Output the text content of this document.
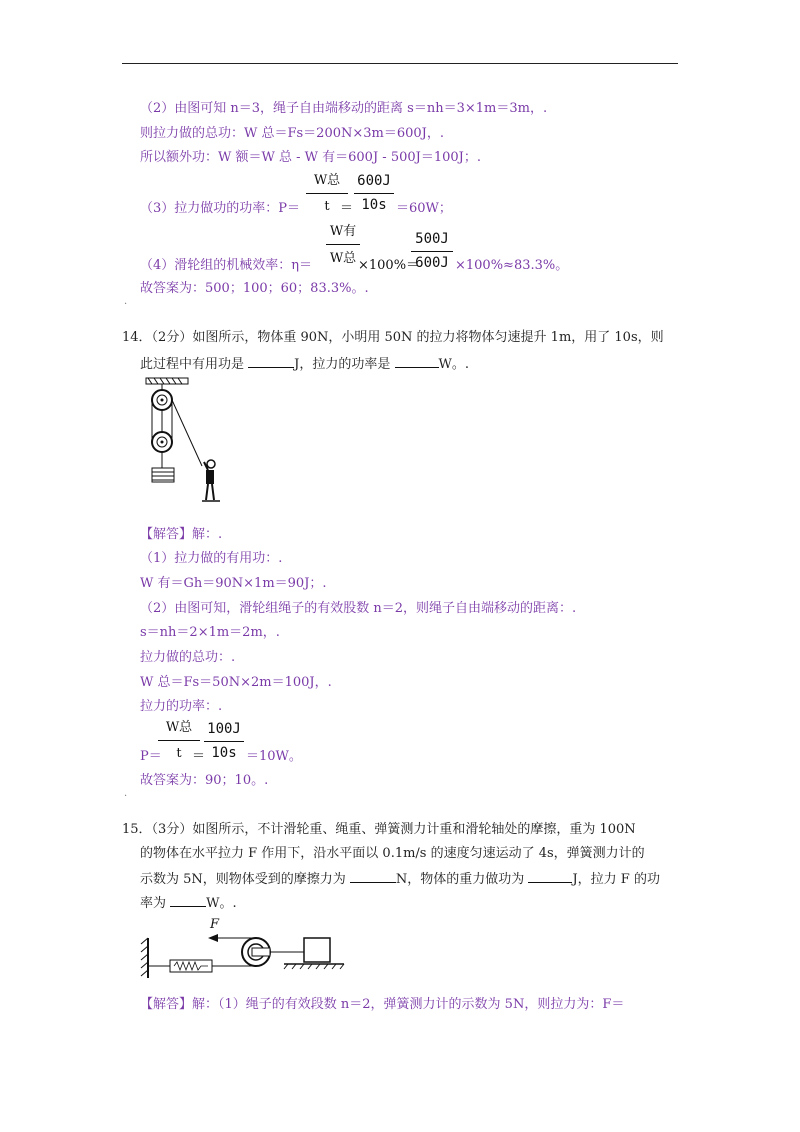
（2）由图可知 n＝3，绳子自由端移动的距离 s＝nh＝3×1m＝3m，.
则拉力做的总功：W 总＝Fs＝200N×3m＝600J，.
所以额外功：W 额＝W 总 - W 有＝600J - 500J＝100J；.
（3）拉力做功的功率：P＝
W总
t ＝
600J
10s ＝60W；
（4）滑轮组的机械效率：η＝
W有
W总 ×100%＝
500J
600J ×100%≈83.3%。
故答案为：500；100；60；83.3%。.
.
14．（2分）如图所示，物体重 90N，小明用 50N 的拉力将物体匀速提升 1m，用了 10s，则
此过程中有用功是	J，拉力的功率是	W。.
【解答】解：.
（1）拉力做的有用功：.
W 有＝Gh＝90N×1m＝90J；.
（2）由图可知，滑轮组绳子的有效股数 n＝2，则绳子自由端移动的距离：.
s＝nh＝2×1m＝2m，.
拉力做的总功：.
W 总＝Fs＝50N×2m＝100J，.
拉力的功率：.
P＝
W总
t ＝
100J
10s ＝10W。
故答案为：90；10。.
.
15．（3分）如图所示，不计滑轮重、绳重、弹簧测力计重和滑轮轴处的摩擦，重为 100N
的物体在水平拉力 F 作用下，沿水平面以 0.1m/s 的速度匀速运动了 4s，弹簧测力计的
示数为 5N，则物体受到的摩擦力为	N，物体的重力做功为	J，拉力 F 的功
率为	W。.
F
【解答】解：（1）绳子的有效段数 n＝2，弹簧测力计的示数为 5N，则拉力为：F＝
